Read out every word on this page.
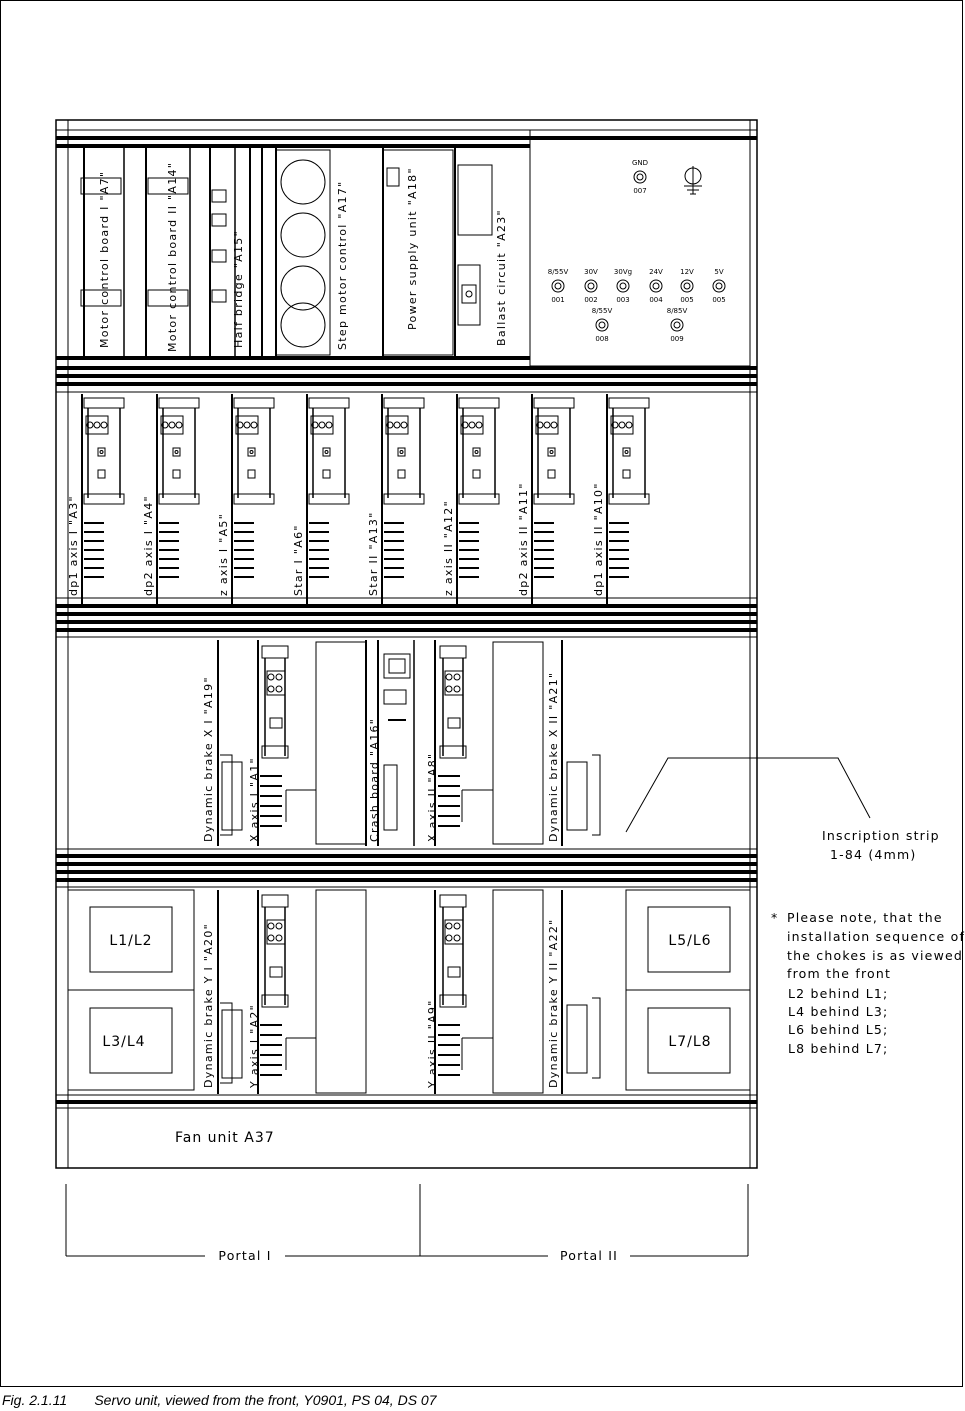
Motor control board I "A7"	Motor control board II "A14"	Half bridge "A15"	Step motor control "A17"	Power supply unit "A18"	Ballast circuit "A23"
GND
007
8/55V
001
30V
002
30Vg
003
24V
004
12V
005
5V
005
8/55V
008
8/85V
009
dp1 axis I "A3"	dp2 axis I "A4"	z axis I "A5"	Star I "A6"	Star II "A13"	z axis II "A12"	dp2 axis II "A11"	dp1 axis II "A10"
Dynamic brake X I "A19"	X axis I "A1"	Crash board "A16"	X axis II "A8"	Dynamic brake X II "A21"	Inscription strip
1-84 (4mm)
L1/L2
L3/L4
L5/L6
L7/L8
Dynamic brake Y I "A20"	Y axis I "A2"	Y axis II "A9"	Dynamic brake Y II "A22"
* Please note, that the
installation sequence of
the chokes is as viewed
from the front
L2 behind L1;
L4 behind L3;
L6 behind L5;
L8 behind L7;
Fan unit A37
Portal I	Portal II
Fig. 2.1.11       Servo unit, viewed from the front, Y0901, PS 04, DS 07
